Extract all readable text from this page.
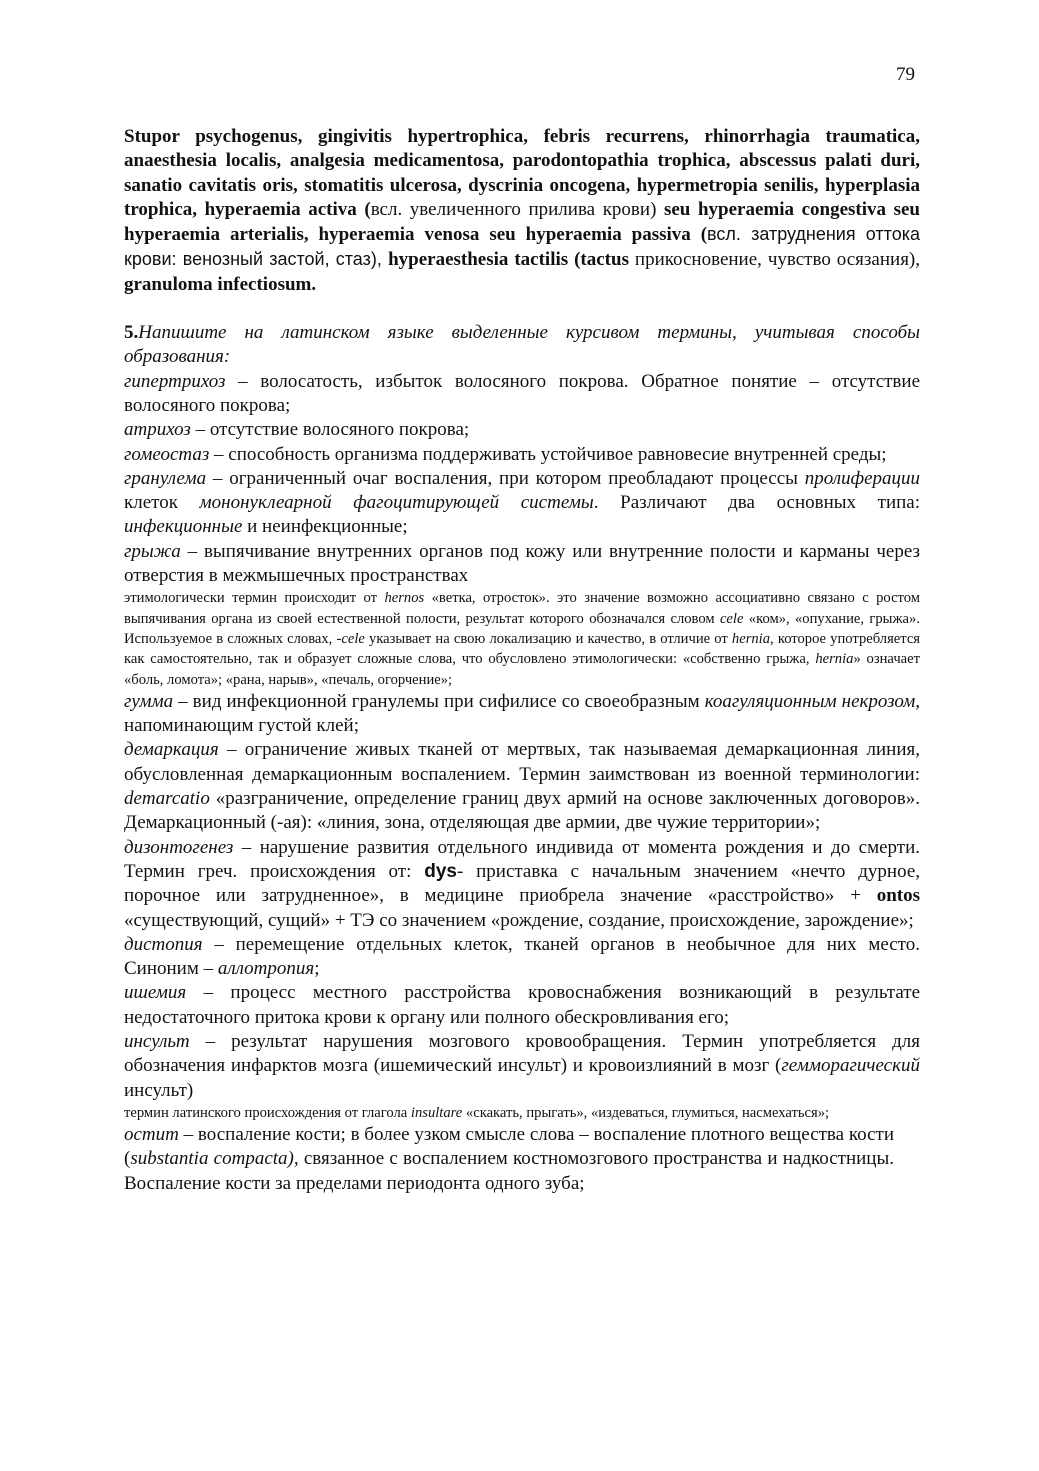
79

Stupor psychogenus, gingivitis hypertrophica, febris recurrens, rhinorrhagia traumatica, anaesthesia localis, analgesia medicamentosa, parodontopathia trophica, abscessus palati duri, sanatio cavitatis oris, stomatitis ulcerosa, dyscrinia oncogena, hypermetropia senilis, hyperplasia trophica, hyperaemia activa (всл. увеличенного прилива крови) seu hyperaemia congestiva seu hyperaemia arterialis, hyperaemia venosa seu hyperaemia passiva (всл. затруднения оттока крови: венозный застой, стаз), hyperaesthesia tactilis (tactus прикосновение, чувство осязания), granuloma infectiosum.

5.Напишите на латинском языке выделенные курсивом термины, учитывая способы образования:

гипертрихоз – волосатость, избыток волосяного покрова. Обратное понятие – отсутствие волосяного покрова;

атрихоз – отсутствие волосяного покрова;

гомеостаз – способность организма поддерживать устойчивое равновесие внутренней среды;

гранулема – ограниченный очаг воспаления, при котором преобладают процессы пролиферации клеток мононуклеарной фагоцитирующей системы. Различают два основных типа: инфекционные и неинфекционные;

грыжа – выпячивание внутренних органов под кожу или внутренние полости и карманы через отверстия в межмышечных пространствах

этимологически термин происходит от hernos «ветка, отросток». это значение возможно ассоциативно связано с ростом выпячивания органа из своей естественной полости, результат которого обозначался словом cele «ком», «опухание, грыжа». Используемое в сложных словах, -cele указывает на свою локализацию и качество, в отличие от hernia, которое употребляется как самостоятельно, так и образует сложные слова, что обусловлено этимологически: «собственно грыжа, hernia» означает «боль, ломота»; «рана, нарыв», «печаль, огорчение»;

гумма – вид инфекционной гранулемы при сифилисе со своеобразным коагуляционным некрозом, напоминающим густой клей;

демаркация – ограничение живых тканей от мертвых, так называемая демаркационная линия, обусловленная демаркационным воспалением. Термин заимствован из военной терминологии: demarcatio «разграничение, определение границ двух армий на основе заключенных договоров». Демаркационный (-ая): «линия, зона, отделяющая две армии, две чужие территории»;

дизонтогенез – нарушение развития отдельного индивида от момента рождения и до смерти. Термин греч. происхождения от: dys- приставка с начальным значением «нечто дурное, порочное или затрудненное», в медицине приобрела значение «расстройство» + ontos «существующий, сущий» + ТЭ со значением «рождение, создание, происхождение, зарождение»;

дистопия – перемещение отдельных клеток, тканей органов в необычное для них место. Синоним – аллотропия;

ишемия – процесс местного расстройства кровоснабжения возникающий в результате недостаточного притока крови к органу или полного обескровливания его;

инсульт – результат нарушения мозгового кровообращения. Термин употребляется для обозначения инфарктов мозга (ишемический инсульт) и кровоизлияний в мозг (гемморагический инсульт)

термин латинского происхождения от глагола insultare «скакать, прыгать», «издеваться, глумиться, насмехаться»;

остит – воспаление кости; в более узком смысле слова – воспаление плотного вещества кости (substantia compacta), связанное с воспалением костномозгового пространства и надкостницы. Воспаление кости за пределами периодонта одного зуба;
